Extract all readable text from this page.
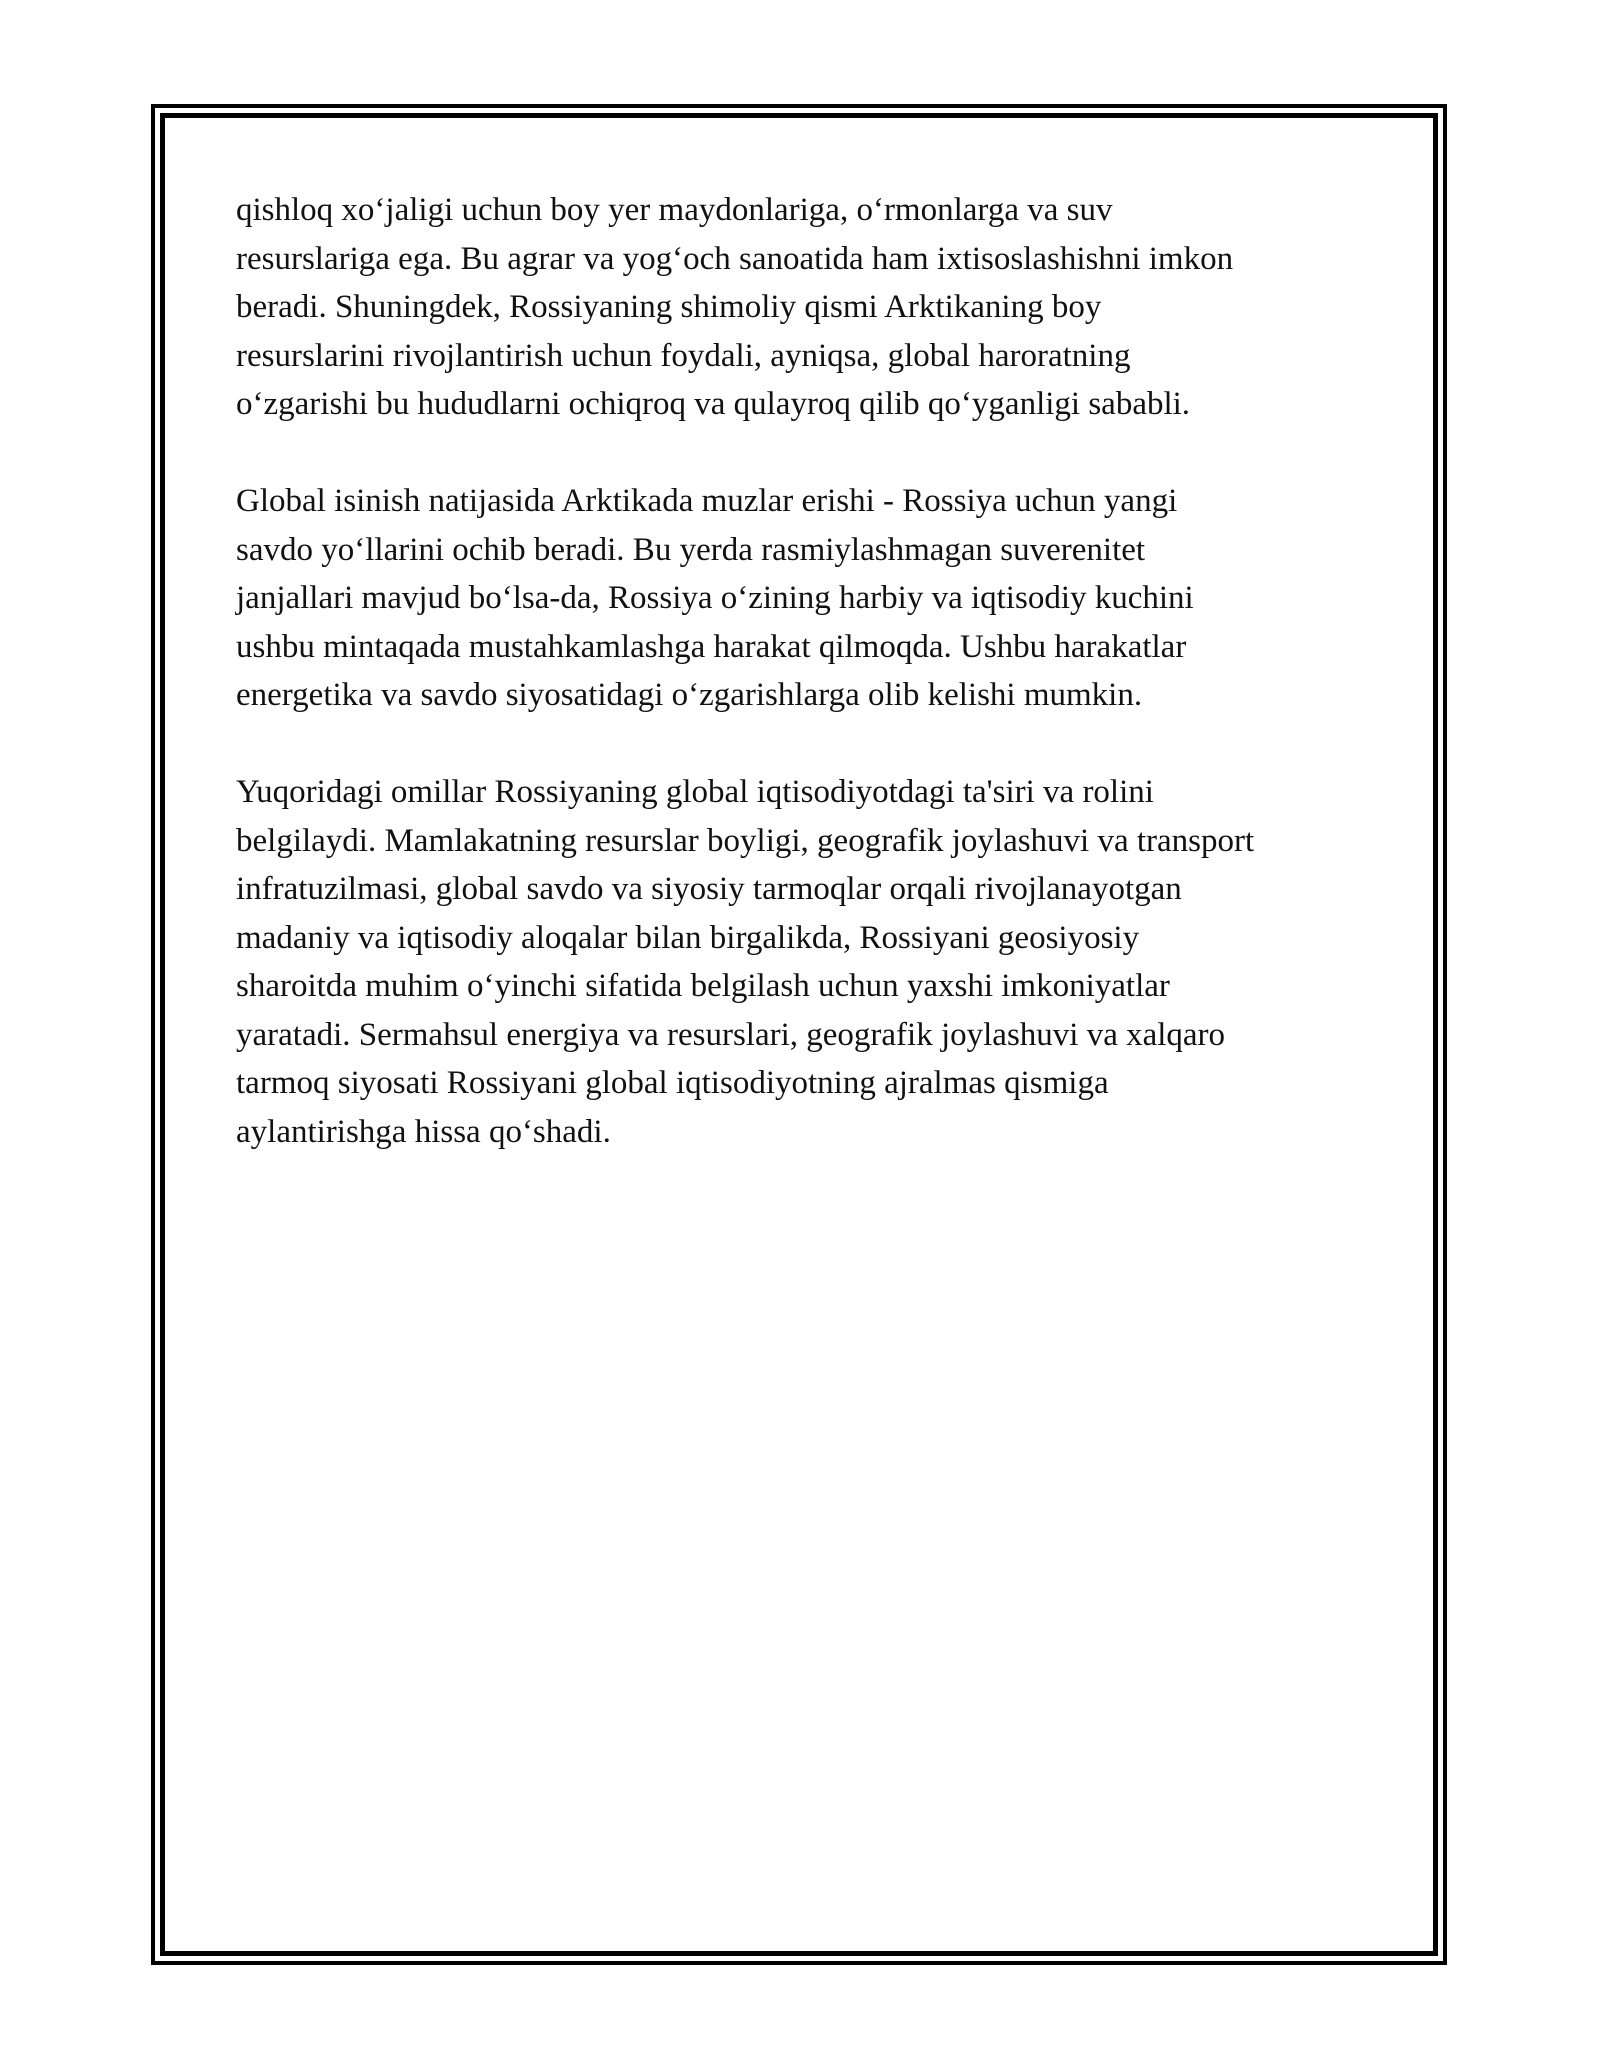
qishloq xo‘jaligi uchun boy yer maydonlariga, o‘rmonlarga va suv
resurslariga ega. Bu agrar va yog‘och sanoatida ham ixtisoslashishni imkon
beradi. Shuningdek, Rossiyaning shimoliy qismi Arktikaning boy
resurslarini rivojlantirish uchun foydali, ayniqsa, global haroratning
o‘zgarishi bu hududlarni ochiqroq va qulayroq qilib qo‘yganligi sababli.

Global isinish natijasida Arktikada muzlar erishi - Rossiya uchun yangi
savdo yo‘llarini ochib beradi. Bu yerda rasmiylashmagan suverenitet
janjallari mavjud bo‘lsa-da, Rossiya o‘zining harbiy va iqtisodiy kuchini
ushbu mintaqada mustahkamlashga harakat qilmoqda. Ushbu harakatlar
energetika va savdo siyosatidagi o‘zgarishlarga olib kelishi mumkin.

Yuqoridagi omillar Rossiyaning global iqtisodiyotdagi ta'siri va rolini
belgilaydi. Mamlakatning resurslar boyligi, geografik joylashuvi va transport
infratuzilmasi, global savdo va siyosiy tarmoqlar orqali rivojlanayotgan
madaniy va iqtisodiy aloqalar bilan birgalikda, Rossiyani geosiyosiy
sharoitda muhim o‘yinchi sifatida belgilash uchun yaxshi imkoniyatlar
yaratadi. Sermahsul energiya va resurslari, geografik joylashuvi va xalqaro
tarmoq siyosati Rossiyani global iqtisodiyotning ajralmas qismiga
aylantirishga hissa qo‘shadi.
